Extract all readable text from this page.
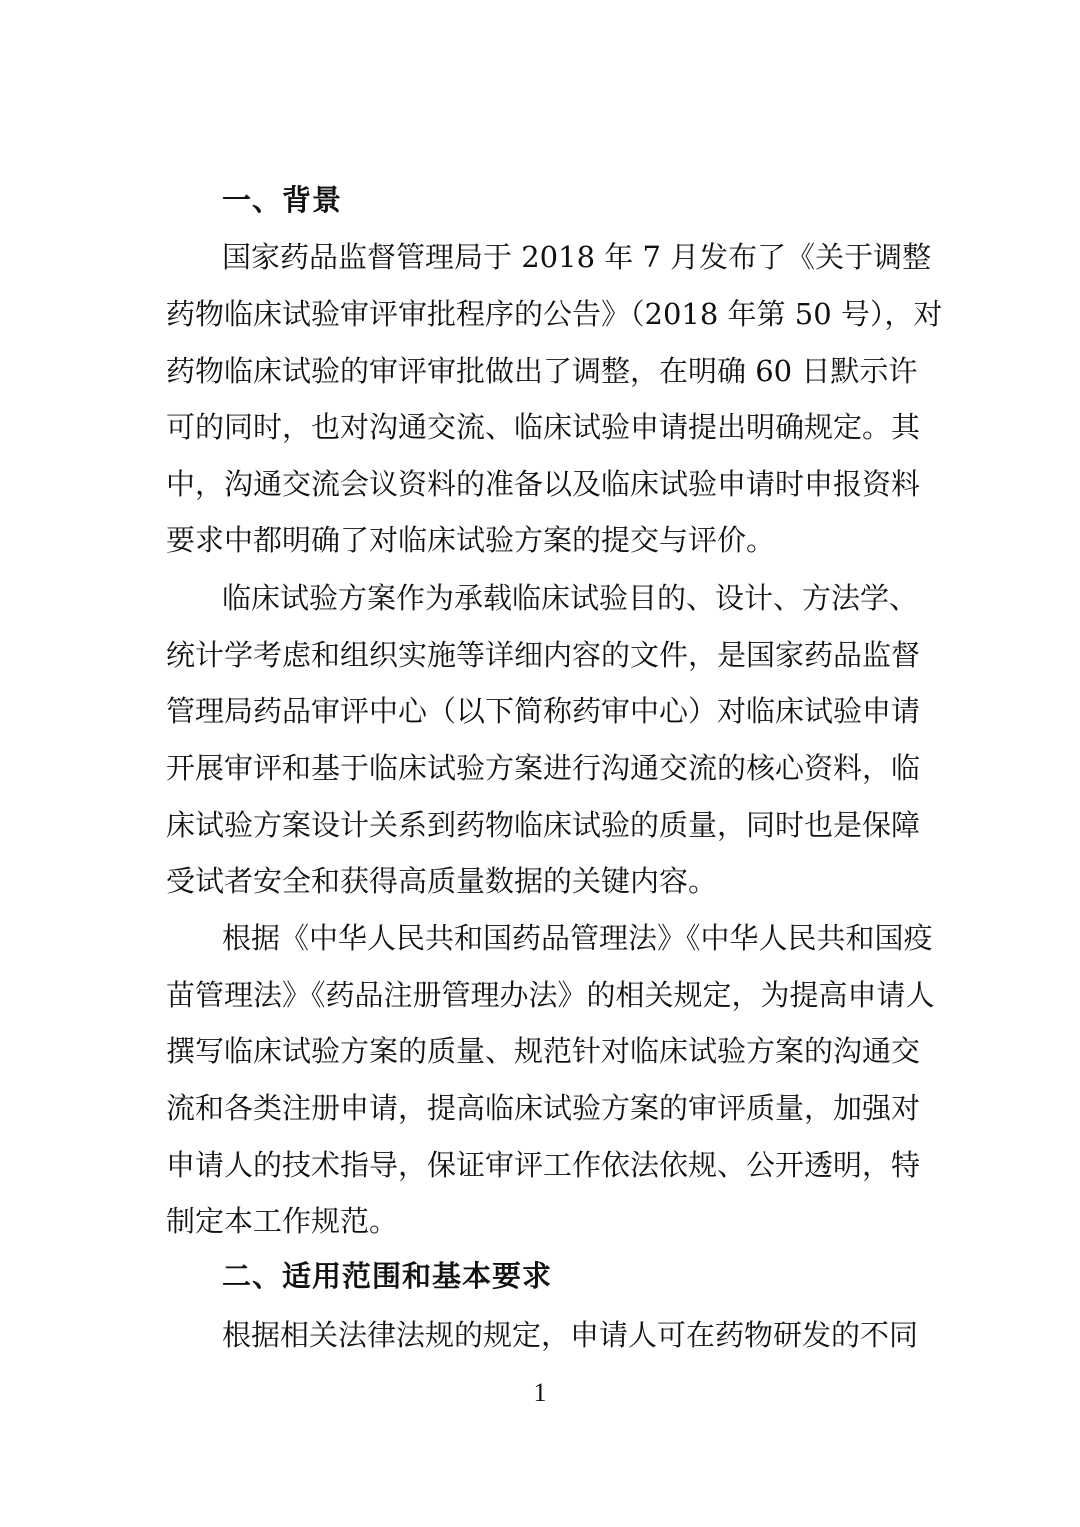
一、背景
国家药品监督管理局于 2018 年 7 月发布了《关于调整
药物临床试验审评审批程序的公告》（2018 年第 50 号），对
药物临床试验的审评审批做出了调整，在明确 60 日默示许
可的同时，也对沟通交流、临床试验申请提出明确规定。其
中，沟通交流会议资料的准备以及临床试验申请时申报资料
要求中都明确了对临床试验方案的提交与评价。
临床试验方案作为承载临床试验目的、设计、方法学、
统计学考虑和组织实施等详细内容的文件，是国家药品监督
管理局药品审评中心（以下简称药审中心）对临床试验申请
开展审评和基于临床试验方案进行沟通交流的核心资料，临
床试验方案设计关系到药物临床试验的质量，同时也是保障
受试者安全和获得高质量数据的关键内容。
根据《中华人民共和国药品管理法》《中华人民共和国疫
苗管理法》《药品注册管理办法》的相关规定，为提高申请人
撰写临床试验方案的质量、规范针对临床试验方案的沟通交
流和各类注册申请，提高临床试验方案的审评质量，加强对
申请人的技术指导，保证审评工作依法依规、公开透明，特
制定本工作规范。
二、适用范围和基本要求
根据相关法律法规的规定，申请人可在药物研发的不同
1
